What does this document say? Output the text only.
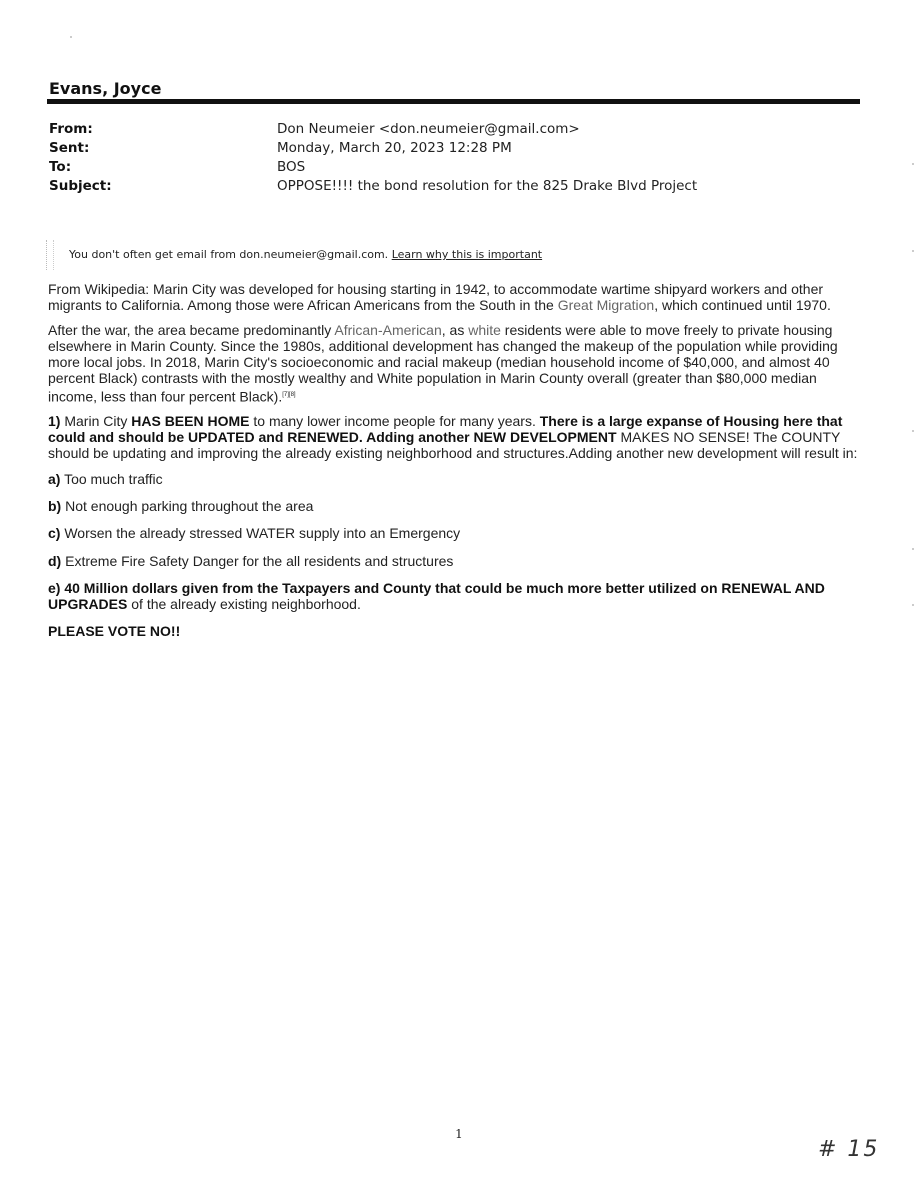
Evans, Joyce
From:	Don Neumeier <don.neumeier@gmail.com>
Sent:	Monday, March 20, 2023 12:28 PM
To:	BOS
Subject:	OPPOSE!!!! the bond resolution for the 825 Drake Blvd Project
You don't often get email from don.neumeier@gmail.com. Learn why this is important

From Wikipedia: Marin City was developed for housing starting in 1942, to accommodate wartime shipyard workers and other migrants to California. Among those were African Americans from the South in the Great Migration, which continued until 1970.

After the war, the area became predominantly African-American, as white residents were able to move freely to private housing elsewhere in Marin County. Since the 1980s, additional development has changed the makeup of the population while providing more local jobs. In 2018, Marin City's socioeconomic and racial makeup (median household income of $40,000, and almost 40 percent Black) contrasts with the mostly wealthy and White population in Marin County overall (greater than $80,000 median income, less than four percent Black).[7][8]

1) Marin City HAS BEEN HOME to many lower income people for many years. There is a large expanse of Housing here that could and should be UPDATED and RENEWED. Adding another NEW DEVELOPMENT MAKES NO SENSE! The COUNTY should be updating and improving the already existing neighborhood and structures.Adding another new development will result in:

a) Too much traffic

b) Not enough parking throughout the area

c) Worsen the already stressed WATER supply into an Emergency

d) Extreme Fire Safety Danger for the all residents and structures

e) 40 Million dollars given from the Taxpayers and County that could be much more better utilized on RENEWAL AND UPGRADES of the already existing neighborhood.

PLEASE VOTE NO!!

1
# 15
